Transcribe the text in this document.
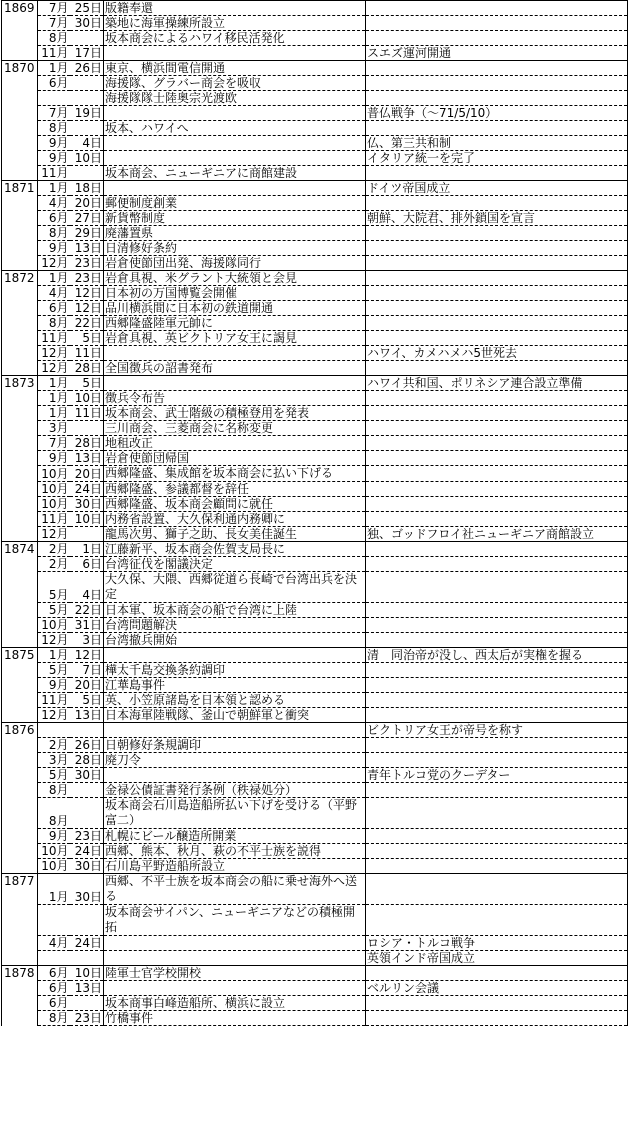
1869	7月	25日	版籍奉還	
	7月	30日	築地に海軍操練所設立	
	8月		坂本商会によるハワイ移民活発化	
	11月	17日		スエズ運河開通
1870	1月	26日	東京、横浜間電信開通	
	6月		海援隊、グラバー商会を吸収	
			海援隊隊士陸奥宗光渡欧	
	7月	19日		普仏戦争（～71/5/10）
	8月		坂本、ハワイへ	
	9月	4日		仏、第三共和制
	9月	10日		イタリア統一を完了
	11月		坂本商会、ニューギニアに商館建設	
1871	1月	18日		ドイツ帝国成立
	4月	20日	郵便制度創業	
	6月	27日	新貨幣制度	朝鮮、大院君、排外鎖国を宣言
	8月	29日	廃藩置県	
	9月	13日	日清修好条約	
	12月	23日	岩倉使節団出発、海援隊同行	
1872	1月	23日	岩倉具視、米グラント大統領と会見	
	4月	12日	日本初の万国博覧会開催	
	6月	12日	品川横浜間に日本初の鉄道開通	
	8月	22日	西郷隆盛陸軍元帥に	
	11月	5日	岩倉具視、英ビクトリア女王に謁見	
	12月	11日		ハワイ、カメハメハ5世死去
	12月	28日	全国徴兵の詔書発布	
1873	1月	5日		ハワイ共和国、ポリネシア連合設立準備
	1月	10日	徴兵令布告	
	1月	11日	坂本商会、武士階級の積極登用を発表	
	3月		三川商会、三菱商会に名称変更	
	7月	28日	地租改正	
	9月	13日	岩倉使節団帰国	
	10月	20日	西郷隆盛、集成館を坂本商会に払い下げる	
	10月	24日	西郷隆盛、参議都督を辞任	
	10月	30日	西郷隆盛、坂本商会顧問に就任	
	11月	10日	内務省設置、大久保利通内務卿に	
	12月		龍馬次男、獅子之助、長女美佳誕生	独、ゴッドフロイ社ニューギニア商館設立
1874	2月	1日	江藤新平、坂本商会佐賀支局長に	
	2月	6日	台湾征伐を閣議決定	
	5月	4日	大久保、大隈、西郷従道ら長崎で台湾出兵を決定	
	5月	22日	日本軍、坂本商会の船で台湾に上陸	
	10月	31日	台湾問題解決	
	12月	3日	台湾撤兵開始	
1875	1月	12日		清　同治帝が没し、西太后が実権を握る
	5月	7日	樺太千島交換条約調印	
	9月	20日	江華島事件	
	11月	5日	英、小笠原諸島を日本領と認める	
	12月	13日	日本海軍陸戦隊、釜山で朝鮮軍と衝突	
1876				ビクトリア女王が帝号を称す
	2月	26日	日朝修好条規調印	
	3月	28日	廃刀令	
	5月	30日		青年トルコ党のクーデター
	8月		金禄公債証書発行条例（秩禄処分）	
	8月		坂本商会石川島造船所払い下げを受ける（平野富二）	
	9月	23日	札幌にビール醸造所開業	
	10月	24日	西郷、熊本、秋月、萩の不平士族を説得	
	10月	30日	石川島平野造船所設立	
1877	1月	30日	西郷、不平士族を坂本商会の船に乗せ海外へ送る	
			坂本商会サイパン、ニューギニアなどの積極開拓	
	4月	24日		ロシア・トルコ戦争
				英領インド帝国成立
1878	6月	10日	陸軍士官学校開校	
	6月	13日		ベルリン会議
	6月		坂本商事白峰造船所、横浜に設立	
	8月	23日	竹橋事件	
